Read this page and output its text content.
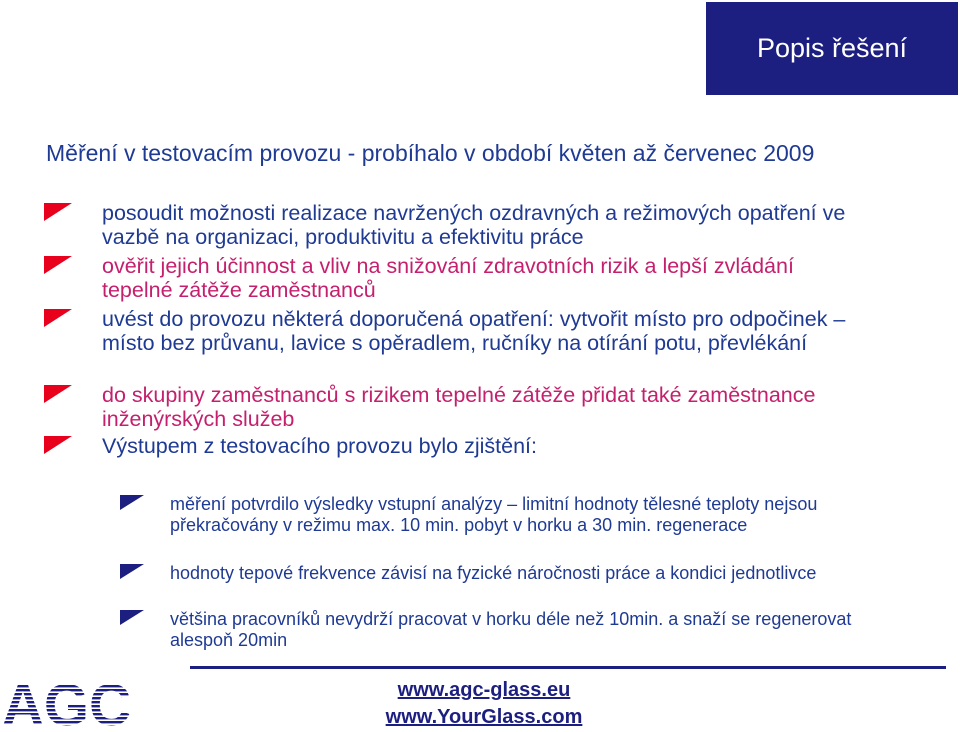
Popis řešení
Měření v testovacím provozu - probíhalo v období květen až červenec 2009
posoudit možnosti realizace navržených ozdravných a režimových opatření ve vazbě na organizaci, produktivitu a efektivitu práce
ověřit jejich účinnost a vliv na snižování zdravotních rizik a lepší zvládání tepelné zátěže zaměstnanců
uvést do provozu některá doporučená opatření: vytvořit místo pro odpočinek –místo bez průvanu, lavice s opěradlem, ručníky na otírání potu, převlékání
do skupiny zaměstnanců s rizikem tepelné zátěže přidat také zaměstnance inženýrských služeb
Výstupem z testovacího provozu bylo zjištění:
měření potvrdilo výsledky vstupní analýzy – limitní hodnoty tělesné teploty nejsou překračovány v režimu max. 10 min. pobyt v horku a 30 min. regenerace
hodnoty tepové frekvence závisí na fyzické náročnosti práce a kondici jednotlivce
většina pracovníků nevydrží pracovat v horku déle než 10min. a snaží se regenerovat alespoň 20min
AGC	www.agc-glass.eu
www.YourGlass.com
